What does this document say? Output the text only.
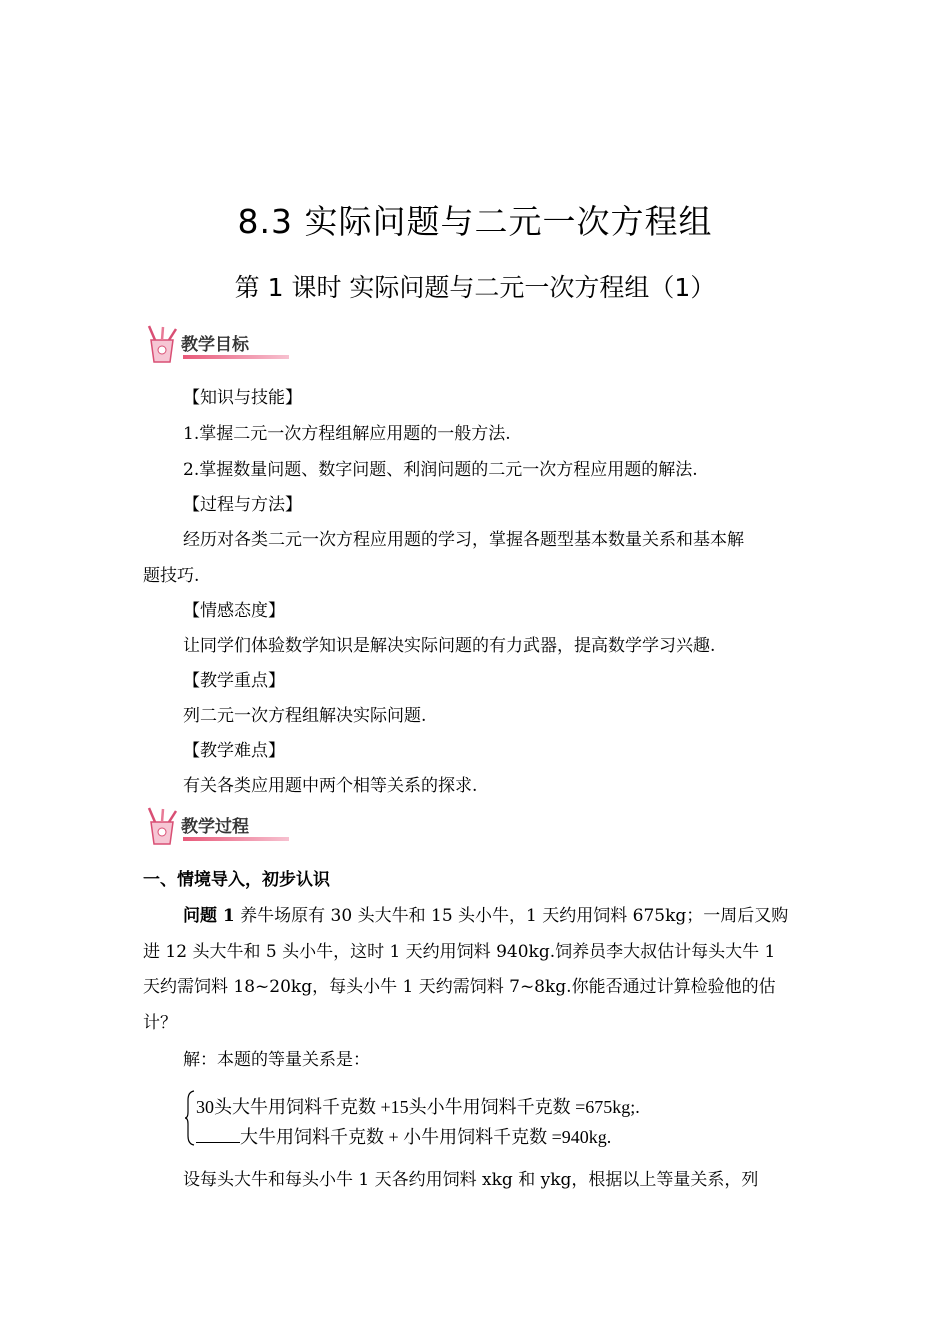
8.3 实际问题与二元一次方程组
第 1 课时 实际问题与二元一次方程组（1）
教学目标
【知识与技能】
1.掌握二元一次方程组解应用题的一般方法.
2.掌握数量问题、数字问题、利润问题的二元一次方程应用题的解法.
【过程与方法】
经历对各类二元一次方程应用题的学习，掌握各题型基本数量关系和基本解
题技巧.
【情感态度】
让同学们体验数学知识是解决实际问题的有力武器，提高数学学习兴趣.
【教学重点】
列二元一次方程组解决实际问题.
【教学难点】
有关各类应用题中两个相等关系的探求.
教学过程
一、情境导入，初步认识
问题 1 养牛场原有 30 头大牛和 15 头小牛，1 天约用饲料 675kg；一周后又购
进 12 头大牛和 5 头小牛，这时 1 天约用饲料 940kg.饲养员李大叔估计每头大牛 1
天约需饲料 18~20kg，每头小牛 1 天约需饲料 7~8kg.你能否通过计算检验他的估
计？
解：本题的等量关系是：
30头大牛用饲料千克数 +15头小牛用饲料千克数 =675kg;.
大牛用饲料千克数 + 小牛用饲料千克数 =940kg.
设每头大牛和每头小牛 1 天各约用饲料 xkg 和 ykg，根据以上等量关系，列
